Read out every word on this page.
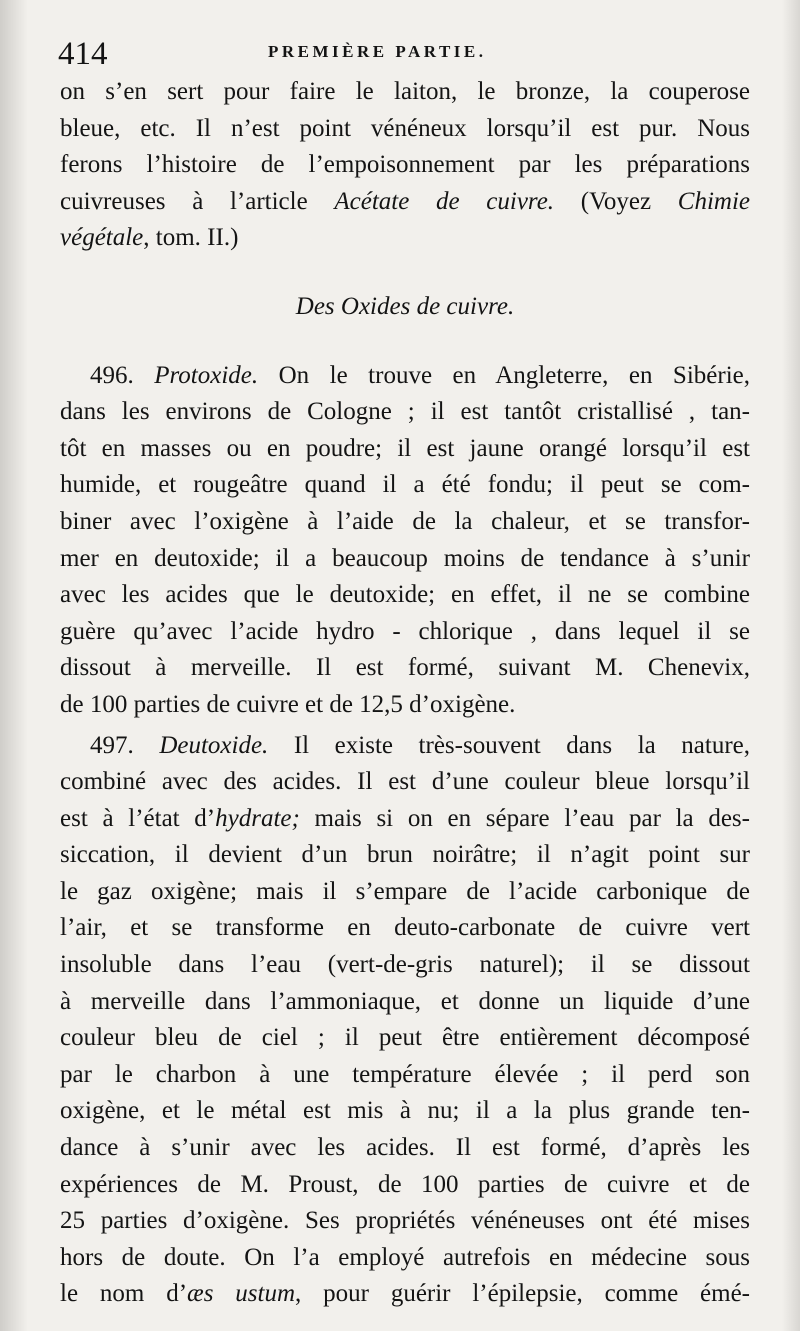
414	PREMIÈRE PARTIE.
on s’en sert pour faire le laiton, le bronze, la couperose
bleue, etc. Il n’est point vénéneux lorsqu’il est pur. Nous
ferons l’histoire de l’empoisonnement par les préparations
cuivreuses à l’article Acétate de cuivre. (Voyez Chimie
végétale, tom. II.)
Des Oxides de cuivre.
496. Protoxide. On le trouve en Angleterre, en Sibérie,
dans les environs de Cologne ; il est tantôt cristallisé , tan-
tôt en masses ou en poudre; il est jaune orangé lorsqu’il est
humide, et rougeâtre quand il a été fondu; il peut se com-
biner avec l’oxigène à l’aide de la chaleur, et se transfor-
mer en deutoxide; il a beaucoup moins de tendance à s’unir
avec les acides que le deutoxide; en effet, il ne se combine
guère qu’avec l’acide hydro - chlorique , dans lequel il se
dissout à merveille. Il est formé, suivant M. Chenevix,
de 100 parties de cuivre et de 12,5 d’oxigène.
497. Deutoxide. Il existe très-souvent dans la nature,
combiné avec des acides. Il est d’une couleur bleue lorsqu’il
est à l’état d’hydrate; mais si on en sépare l’eau par la des-
siccation, il devient d’un brun noirâtre; il n’agit point sur
le gaz oxigène; mais il s’empare de l’acide carbonique de
l’air, et se transforme en deuto-carbonate de cuivre vert
insoluble dans l’eau (vert-de-gris naturel); il se dissout
à merveille dans l’ammoniaque, et donne un liquide d’une
couleur bleu de ciel ; il peut être entièrement décomposé
par le charbon à une température élevée ; il perd son
oxigène, et le métal est mis à nu; il a la plus grande ten-
dance à s’unir avec les acides. Il est formé, d’après les
expériences de M. Proust, de 100 parties de cuivre et de
25 parties d’oxigène. Ses propriétés vénéneuses ont été mises
hors de doute. On l’a employé autrefois en médecine sous
le nom d’æs ustum, pour guérir l’épilepsie, comme émé-
